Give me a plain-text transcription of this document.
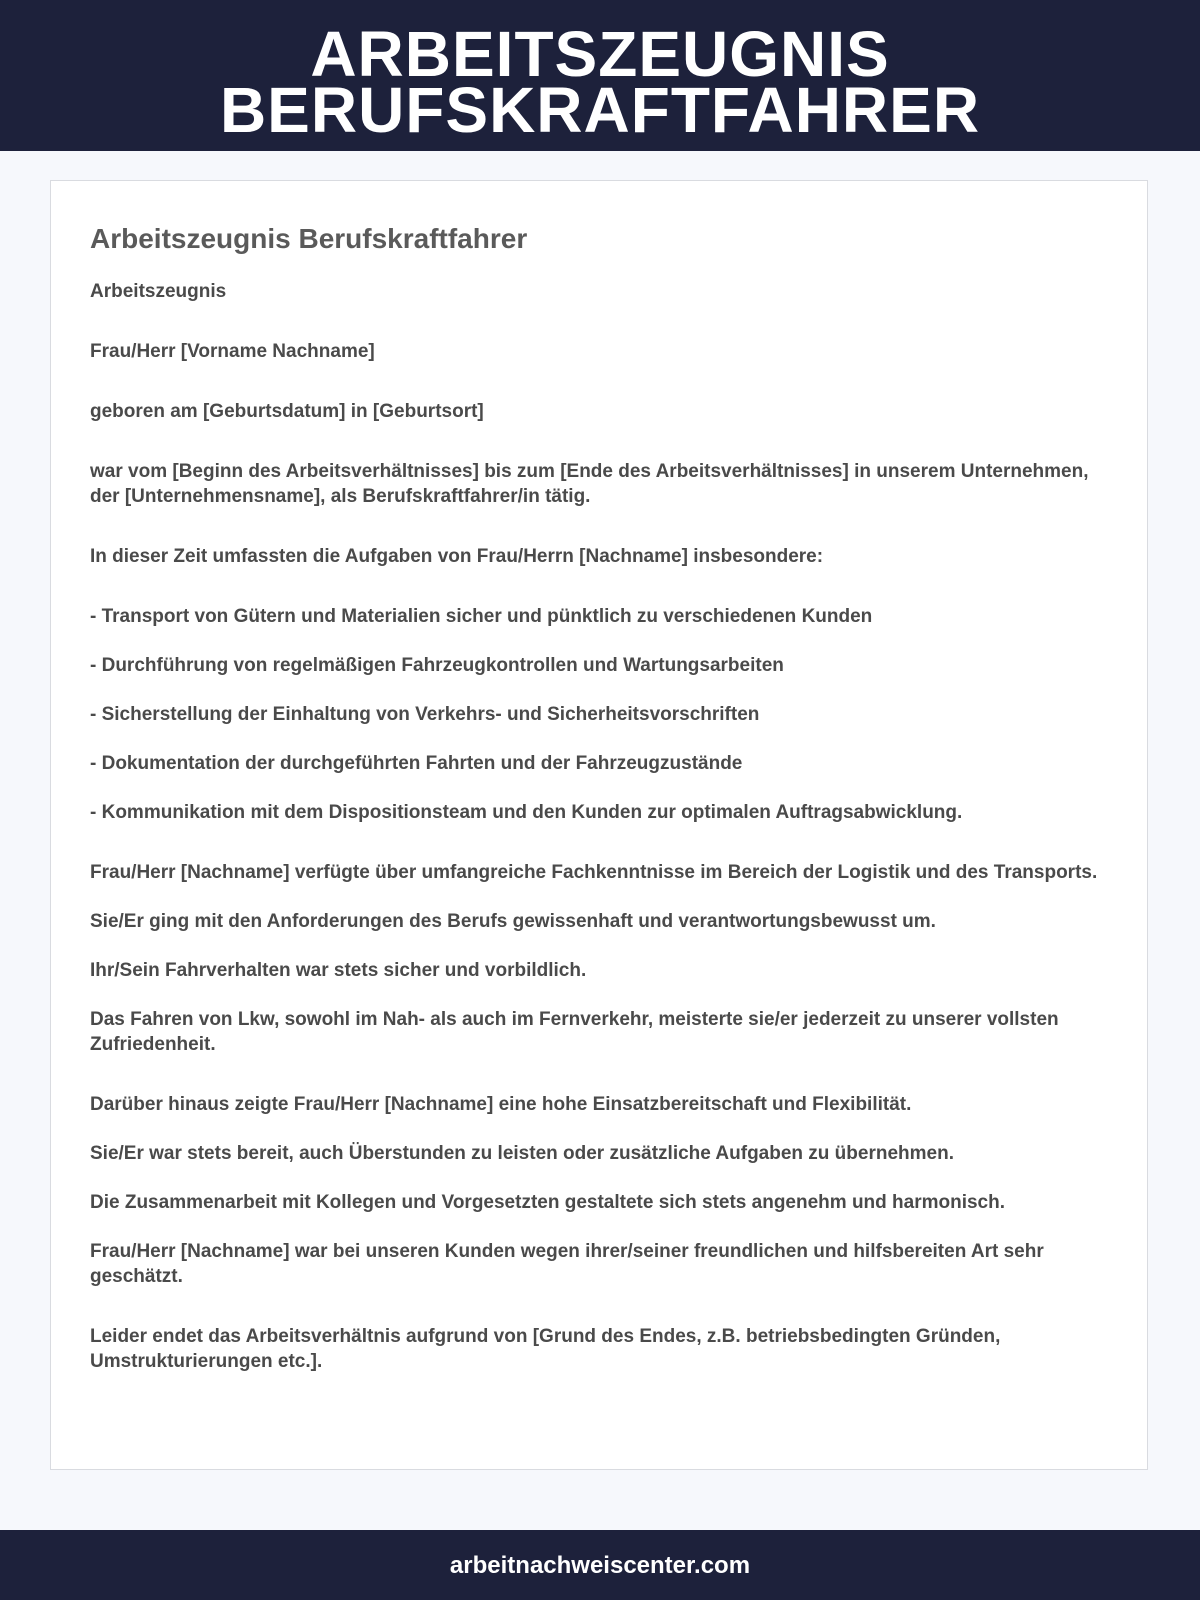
ARBEITSZEUGNIS
BERUFSKRAFTFAHRER
Arbeitszeugnis Berufskraftfahrer

Arbeitszeugnis

Frau/Herr [Vorname Nachname]

geboren am [Geburtsdatum] in [Geburtsort]

war vom [Beginn des Arbeitsverhältnisses] bis zum [Ende des Arbeitsverhältnisses] in unserem Unternehmen, der [Unternehmensname], als Berufskraftfahrer/in tätig.

In dieser Zeit umfassten die Aufgaben von Frau/Herrn [Nachname] insbesondere:

- Transport von Gütern und Materialien sicher und pünktlich zu verschiedenen Kunden

- Durchführung von regelmäßigen Fahrzeugkontrollen und Wartungsarbeiten

- Sicherstellung der Einhaltung von Verkehrs- und Sicherheitsvorschriften

- Dokumentation der durchgeführten Fahrten und der Fahrzeugzustände

- Kommunikation mit dem Dispositionsteam und den Kunden zur optimalen Auftragsabwicklung.

Frau/Herr [Nachname] verfügte über umfangreiche Fachkenntnisse im Bereich der Logistik und des Transports.

Sie/Er ging mit den Anforderungen des Berufs gewissenhaft und verantwortungsbewusst um.

Ihr/Sein Fahrverhalten war stets sicher und vorbildlich.

Das Fahren von Lkw, sowohl im Nah- als auch im Fernverkehr, meisterte sie/er jederzeit zu unserer vollsten Zufriedenheit.

Darüber hinaus zeigte Frau/Herr [Nachname] eine hohe Einsatzbereitschaft und Flexibilität.

Sie/Er war stets bereit, auch Überstunden zu leisten oder zusätzliche Aufgaben zu übernehmen.

Die Zusammenarbeit mit Kollegen und Vorgesetzten gestaltete sich stets angenehm und harmonisch.

Frau/Herr [Nachname] war bei unseren Kunden wegen ihrer/seiner freundlichen und hilfsbereiten Art sehr geschätzt.

Leider endet das Arbeitsverhältnis aufgrund von [Grund des Endes, z.B. betriebsbedingten Gründen, Umstrukturierungen etc.].

arbeitnachweiscenter.com
